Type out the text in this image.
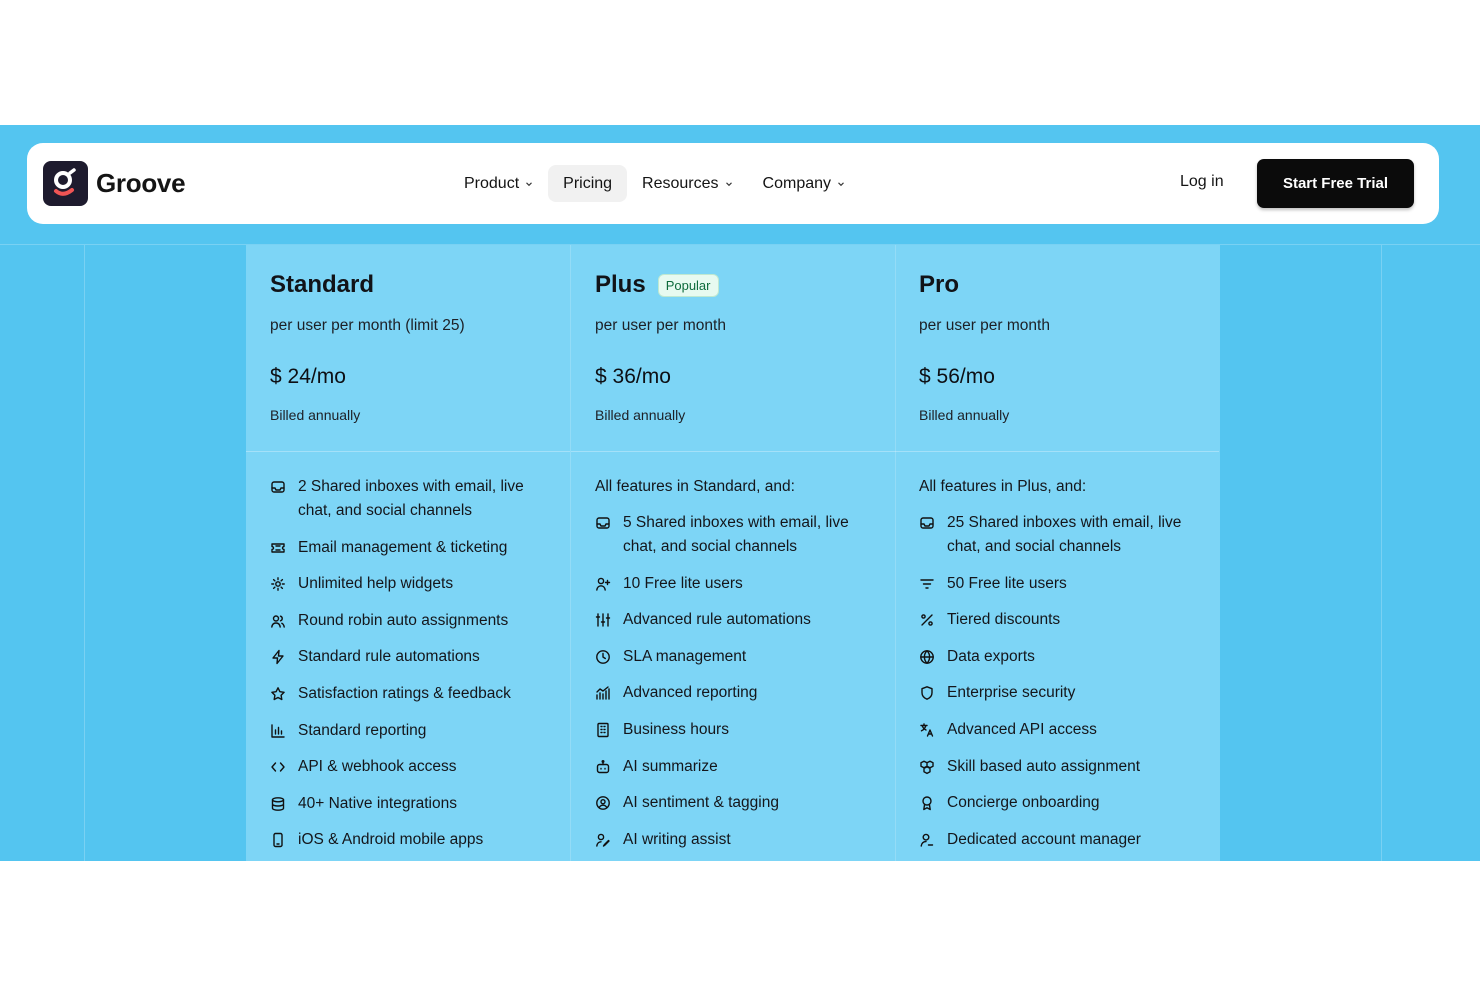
Groove	Product	Pricing Resources	Company	Log in	Start Free Trial
Standard
per user per month (limit 25)
$ 24/mo
Billed annually
2 Shared inboxes with email, live chat, and social channels
Email management & ticketing
Unlimited help widgets
Round robin auto assignments
Standard rule automations
Satisfaction ratings & feedback
Standard reporting
API & webhook access
40+ Native integrations
iOS & Android mobile apps
Plus	Popular
per user per month
$ 36/mo
Billed annually
All features in Standard, and:
5 Shared inboxes with email, live chat, and social channels
10 Free lite users
Advanced rule automations
SLA management
Advanced reporting
Business hours
AI summarize
AI sentiment & tagging
AI writing assist
Pro
per user per month
$ 56/mo
Billed annually
All features in Plus, and:
25 Shared inboxes with email, live chat, and social channels
50 Free lite users
Tiered discounts
Data exports
Enterprise security
Advanced API access
Skill based auto assignment
Concierge onboarding
Dedicated account manager
